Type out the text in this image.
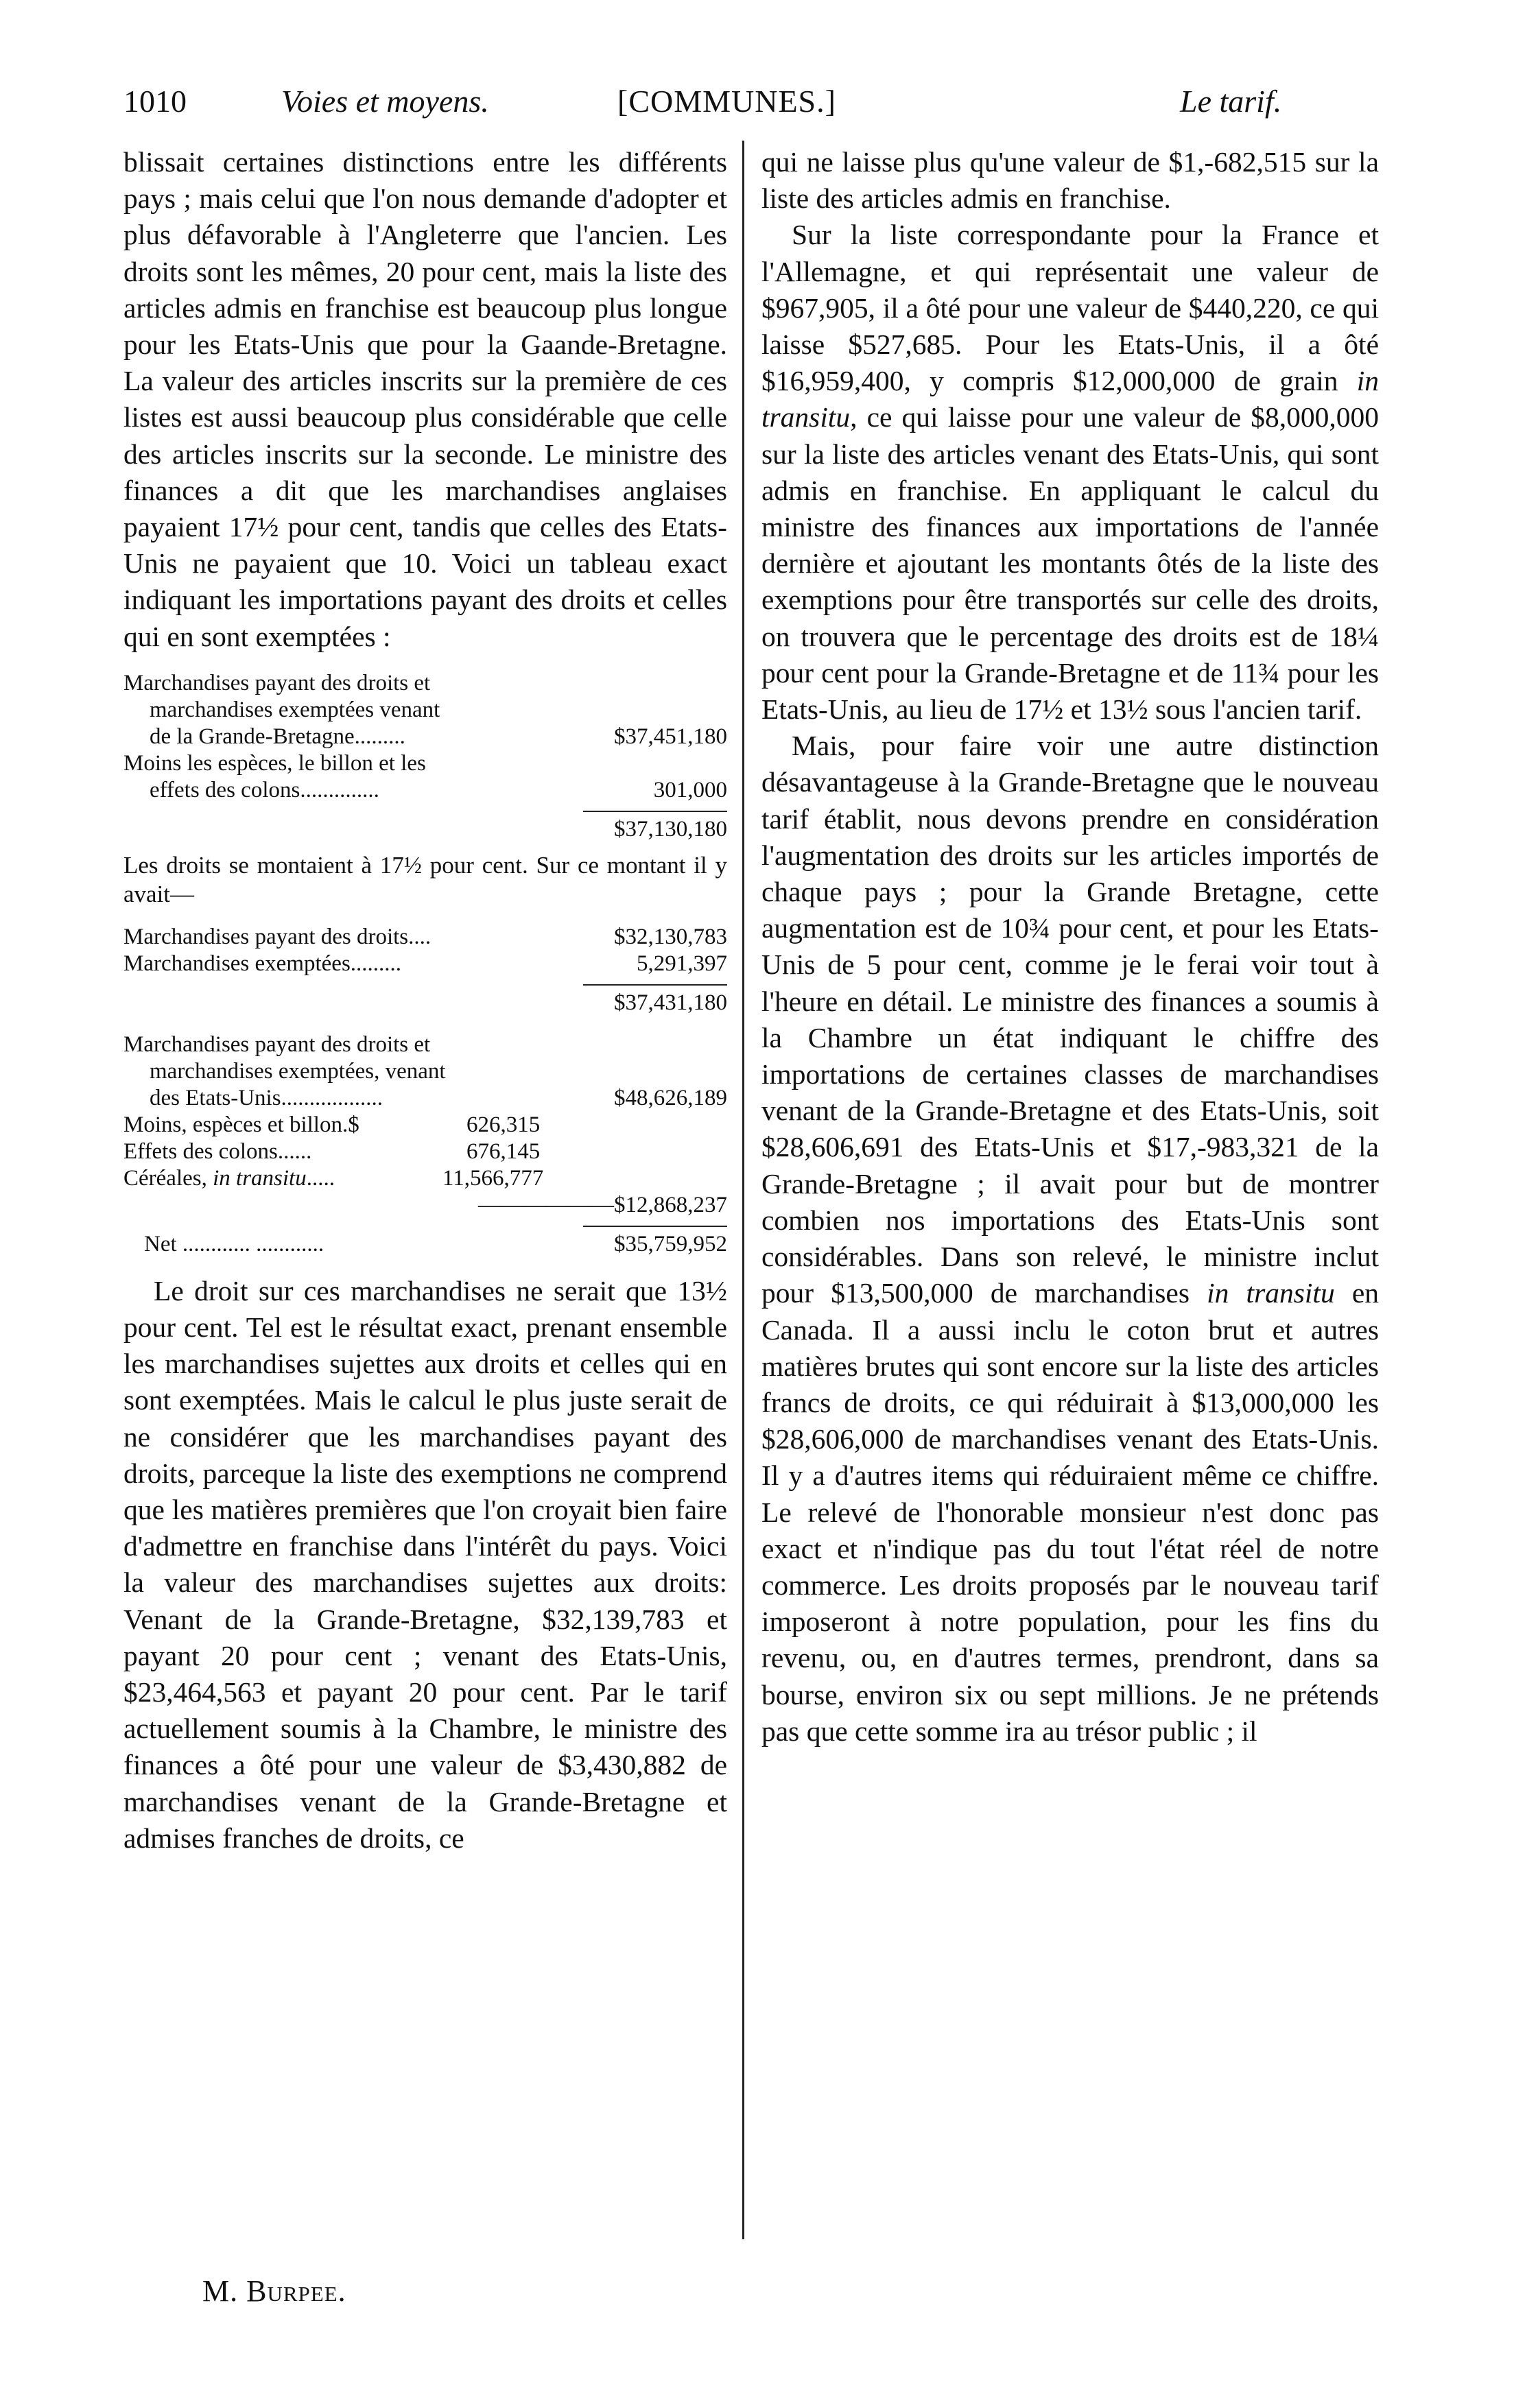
1010	Voies et moyens.	[COMMUNES.]	Le tarif.

blissait certaines distinctions entre les différents pays ; mais celui que l'on nous demande d'adopter et plus défavorable à l'Angleterre que l'ancien. Les droits sont les mêmes, 20 pour cent, mais la liste des articles admis en franchise est beaucoup plus longue pour les Etats-Unis que pour la Gaande-Bretagne. La valeur des articles inscrits sur la première de ces listes est aussi beaucoup plus considérable que celle des articles inscrits sur la seconde. Le ministre des finances a dit que les marchandises anglaises payaient 17½ pour cent, tandis que celles des Etats-Unis ne payaient que 10. Voici un tableau exact indiquant les importations payant des droits et celles qui en sont exemptées :

Marchandises payant des droits et
marchandises exemptées venant
de la Grande-Bretagne.........	$37,451,180
Moins les espèces, le billon et les
effets des colons..............	301,000
$37,130,180

Les droits se montaient à 17½ pour cent. Sur ce montant il y avait—

Marchandises payant des droits....	$32,130,783
Marchandises exemptées.........	5,291,397
$37,431,180
Marchandises payant des droits et
marchandises exemptées, venant
des Etats-Unis..................	$48,626,189
Moins, espèces et billon.$	626,315
Effets des colons......	676,145
Céréales, in transitu.....	11,566,777
——————$12,868,237
Net ............ ............	$35,759,952

Le droit sur ces marchandises ne serait que 13½ pour cent. Tel est le résultat exact, prenant ensemble les marchandises sujettes aux droits et celles qui en sont exemptées. Mais le calcul le plus juste serait de ne considérer que les marchandises payant des droits, parceque la liste des exemptions ne comprend que les matières premières que l'on croyait bien faire d'admettre en franchise dans l'intérêt du pays. Voici la valeur des marchandises sujettes aux droits: Venant de la Grande-Bretagne, $32,139,783 et payant 20 pour cent ; venant des Etats-Unis, $23,464,563 et payant 20 pour cent. Par le tarif actuellement soumis à la Chambre, le ministre des finances a ôté pour une valeur de $3,430,882 de marchandises venant de la Grande-Bretagne et admises franches de droits, ce

qui ne laisse plus qu'une valeur de $1,-682,515 sur la liste des articles admis en franchise.

Sur la liste correspondante pour la France et l'Allemagne, et qui représentait une valeur de $967,905, il a ôté pour une valeur de $440,220, ce qui laisse $527,685. Pour les Etats-Unis, il a ôté $16,959,400, y compris $12,000,000 de grain in transitu, ce qui laisse pour une valeur de $8,000,000 sur la liste des articles venant des Etats-Unis, qui sont admis en franchise. En appliquant le calcul du ministre des finances aux importations de l'année dernière et ajoutant les montants ôtés de la liste des exemptions pour être transportés sur celle des droits, on trouvera que le percentage des droits est de 18¼ pour cent pour la Grande-Bretagne et de 11¾ pour les Etats-Unis, au lieu de 17½ et 13½ sous l'ancien tarif.

Mais, pour faire voir une autre distinction désavantageuse à la Grande-Bretagne que le nouveau tarif établit, nous devons prendre en considération l'augmentation des droits sur les articles importés de chaque pays ; pour la Grande Bretagne, cette augmentation est de 10¾ pour cent, et pour les Etats-Unis de 5 pour cent, comme je le ferai voir tout à l'heure en détail. Le ministre des finances a soumis à la Chambre un état indiquant le chiffre des importations de certaines classes de marchandises venant de la Grande-Bretagne et des Etats-Unis, soit $28,606,691 des Etats-Unis et $17,-983,321 de la Grande-Bretagne ; il avait pour but de montrer combien nos importations des Etats-Unis sont considérables. Dans son relevé, le ministre inclut pour $13,500,000 de marchandises in transitu en Canada. Il a aussi inclu le coton brut et autres matières brutes qui sont encore sur la liste des articles francs de droits, ce qui réduirait à $13,000,000 les $28,606,000 de marchandises venant des Etats-Unis. Il y a d'autres items qui réduiraient même ce chiffre. Le relevé de l'honorable monsieur n'est donc pas exact et n'indique pas du tout l'état réel de notre commerce. Les droits proposés par le nouveau tarif imposeront à notre population, pour les fins du revenu, ou, en d'autres termes, prendront, dans sa bourse, environ six ou sept millions. Je ne prétends pas que cette somme ira au trésor public ; il

M. Burpee.
